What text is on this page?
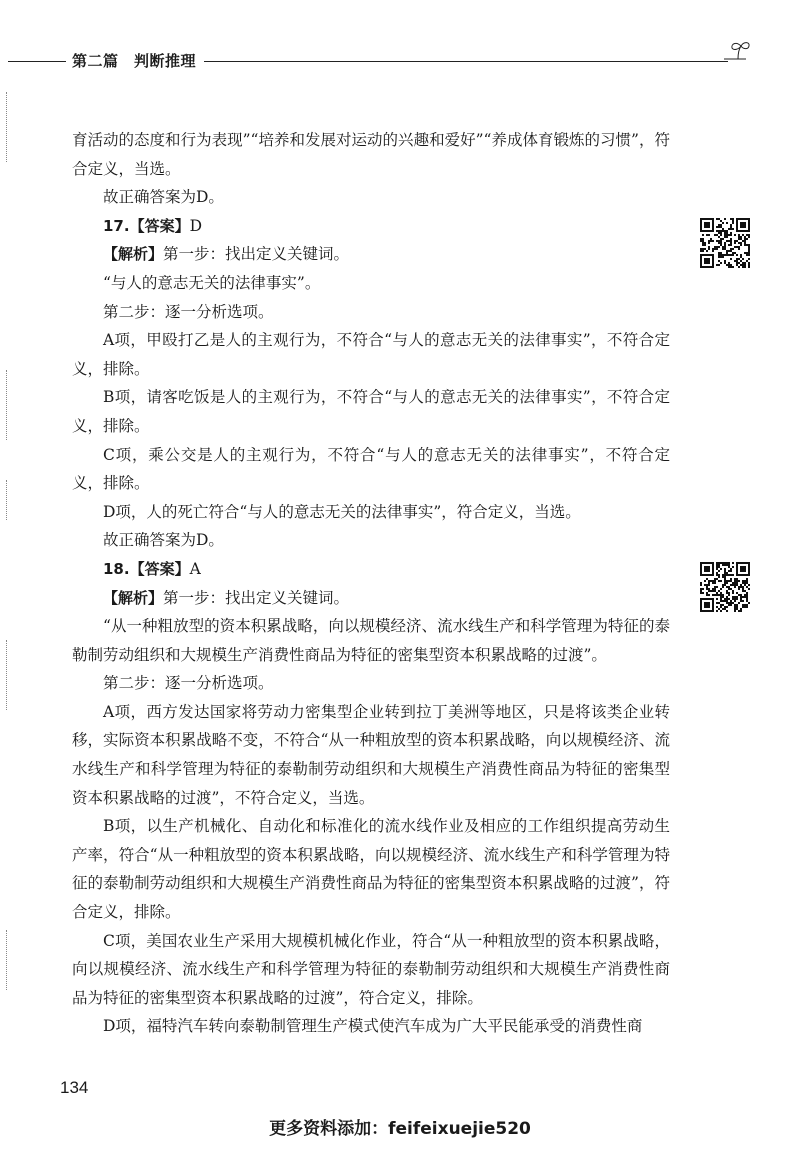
第二篇　判断推理

育活动的态度和行为表现”“培养和发展对运动的兴趣和爱好”“养成体育锻炼的习惯”，符合定义，当选。

故正确答案为D。

17.【答案】D

【解析】第一步：找出定义关键词。

“与人的意志无关的法律事实”。

第二步：逐一分析选项。

A项，甲殴打乙是人的主观行为，不符合“与人的意志无关的法律事实”，不符合定义，排除。

B项，请客吃饭是人的主观行为，不符合“与人的意志无关的法律事实”，不符合定义，排除。

C项，乘公交是人的主观行为，不符合“与人的意志无关的法律事实”，不符合定义，排除。

D项，人的死亡符合“与人的意志无关的法律事实”，符合定义，当选。

故正确答案为D。

18.【答案】A

【解析】第一步：找出定义关键词。

“从一种粗放型的资本积累战略，向以规模经济、流水线生产和科学管理为特征的泰勒制劳动组织和大规模生产消费性商品为特征的密集型资本积累战略的过渡”。

第二步：逐一分析选项。

A项，西方发达国家将劳动力密集型企业转到拉丁美洲等地区，只是将该类企业转移，实际资本积累战略不变，不符合“从一种粗放型的资本积累战略，向以规模经济、流水线生产和科学管理为特征的泰勒制劳动组织和大规模生产消费性商品为特征的密集型资本积累战略的过渡”，不符合定义，当选。

B项，以生产机械化、自动化和标准化的流水线作业及相应的工作组织提高劳动生产率，符合“从一种粗放型的资本积累战略，向以规模经济、流水线生产和科学管理为特征的泰勒制劳动组织和大规模生产消费性商品为特征的密集型资本积累战略的过渡”，符合定义，排除。

C项，美国农业生产采用大规模机械化作业，符合“从一种粗放型的资本积累战略，向以规模经济、流水线生产和科学管理为特征的泰勒制劳动组织和大规模生产消费性商品为特征的密集型资本积累战略的过渡”，符合定义，排除。

D项，福特汽车转向泰勒制管理生产模式使汽车成为广大平民能承受的消费性商

134
更多资料添加：feifeixuejie520
